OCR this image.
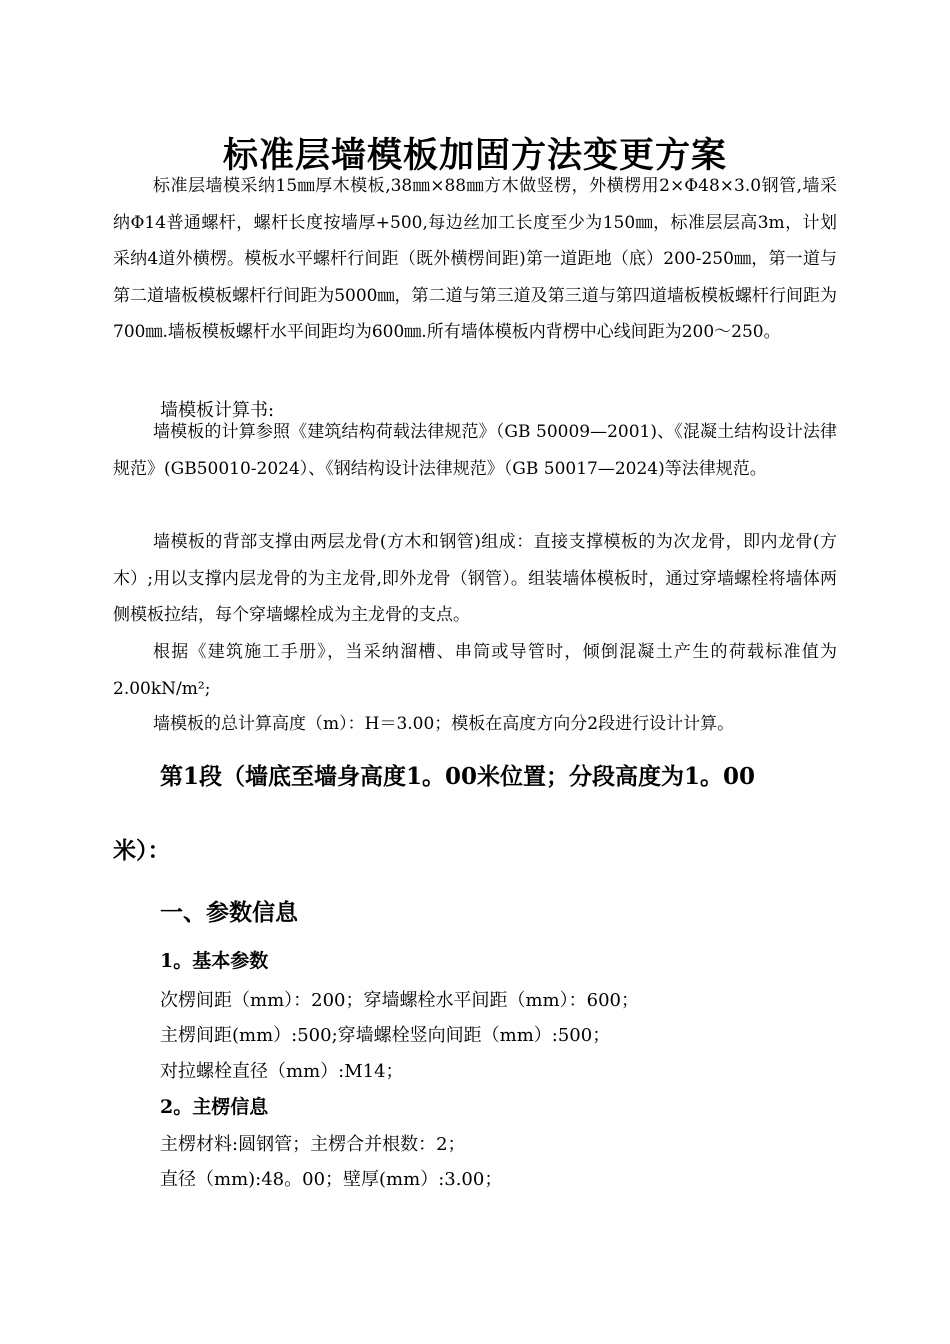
标准层墙模板加固方法变更方案
标准层墙模采纳15㎜厚木模板,38㎜×88㎜方木做竖楞，外横楞用2×Φ48×3.0钢管,墙采纳Φ14普通螺杆，螺杆长度按墙厚+500,每边丝加工长度至少为150㎜，标准层层高3m，计划采纳4道外横楞。模板水平螺杆行间距（既外横楞间距)第一道距地（底）200-250㎜，第一道与第二道墙板模板螺杆行间距为5000㎜，第二道与第三道及第三道与第四道墙板模板螺杆行间距为700㎜.墙板模板螺杆水平间距均为600㎜.所有墙体模板内背楞中心线间距为200～250。
墙模板计算书:
墙模板的计算参照《建筑结构荷载法律规范》（GB 50009—2001)、《混凝土结构设计法律规范》(GB50010-2024）、《钢结构设计法律规范》（GB 50017—2024)等法律规范。
墙模板的背部支撑由两层龙骨(方木和钢管)组成：直接支撑模板的为次龙骨，即内龙骨(方木）;用以支撑内层龙骨的为主龙骨,即外龙骨（钢管）。组装墙体模板时，通过穿墙螺栓将墙体两侧模板拉结，每个穿墙螺栓成为主龙骨的支点。
根据《建筑施工手册》，当采纳溜槽、串筒或导管时，倾倒混凝土产生的荷载标准值为2.00kN/m²;
墙模板的总计算高度（m）：H＝3.00；模板在高度方向分2段进行设计计算。
第1段（墙底至墙身高度1。00米位置；分段高度为1。00
米）：
一、参数信息
1。基本参数
次楞间距（mm）：200；穿墙螺栓水平间距（mm）：600；
主楞间距(mm）:500;穿墙螺栓竖向间距（mm）:500；
对拉螺栓直径（mm）:M14；
2。主楞信息
主楞材料:圆钢管；主楞合并根数：2；
直径（mm):48。00；壁厚(mm）:3.00；
